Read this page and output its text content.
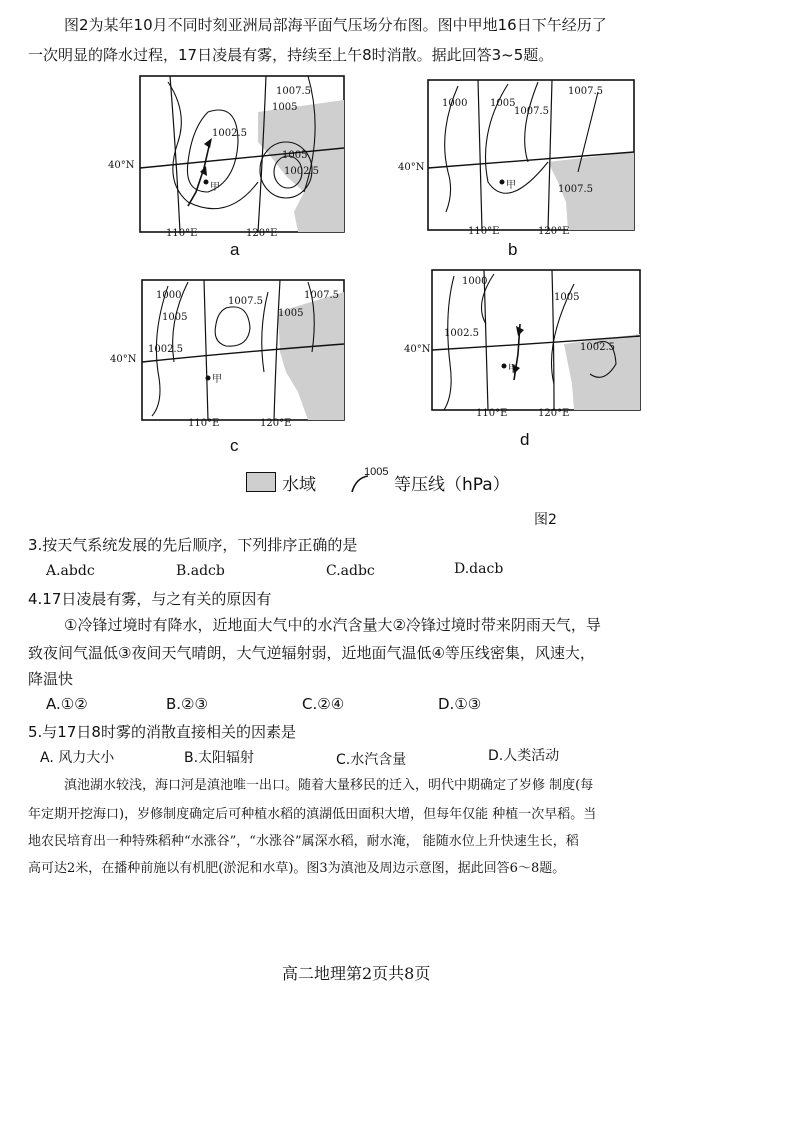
图2为某年10月不同时刻亚洲局部海平面气压场分布图。图中甲地16日下午经历了
一次明显的降水过程，17日凌晨有雾，持续至上午8时消散。据此回答3~5题。
1007.5
1005
1002.5
1005
1002.5
甲
40°N
110°E	120°E
a
1000 1005
1007.5
1007.5
1007.5
甲
40°N
110°E	120°E
b
1000
1005
1007.5
1002.5
1005
1007.5
甲
40°N
110°E	120°E
c
1000
1002.5
1005
1002.5
甲
40°N
110°E	120°E
d
水域
1005
等压线（hPa）
图2
3.按天气系统发展的先后顺序，下列排序正确的是
A.abdc	B.adcb	C.adbc	D.dacb
4.17日凌晨有雾，与之有关的原因有
①冷锋过境时有降水，近地面大气中的水汽含量大②冷锋过境时带来阴雨天气，导
致夜间气温低③夜间天气晴朗，大气逆辐射弱，近地面气温低④等压线密集，风速大，
降温快
A.①②	B.②③	C.②④	D.①③
5.与17日8时雾的消散直接相关的因素是
A. 风力大小	B.太阳辐射	C.水汽含量	D.人类活动
滇池湖水较浅，海口河是滇池唯一出口。随着大量移民的迁入，明代中期确定了岁修 制度(每
年定期开挖海口)，岁修制度确定后可种植水稻的滇湖低田面积大增，但每年仅能 种植一次早稻。当
地农民培育出一种特殊稻种“水涨谷”，“水涨谷”属深水稻，耐水淹， 能随水位上升快速生长，稻
高可达2米，在播种前施以有机肥(淤泥和水草)。图3为滇池及周边示意图，据此回答6～8题。
高二地理第2页共8页
